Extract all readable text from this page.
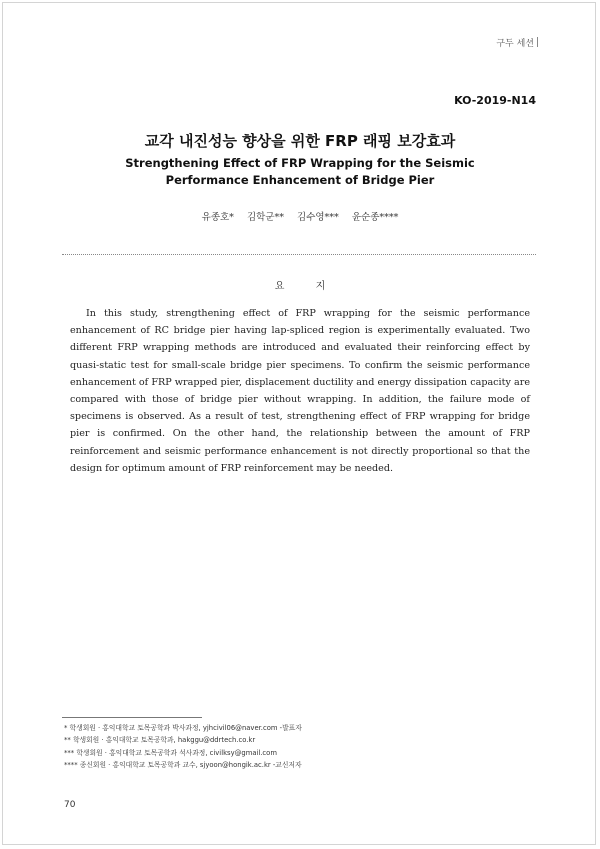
구두 세션
KO-2019-N14
교각 내진성능 향상을 위한 FRP 래핑 보강효과
Strengthening Effect of FRP Wrapping for the Seismic
Performance Enhancement of Bridge Pier
유종호* 김학군** 김수영*** 윤순종****
요 지

In this study, strengthening effect of FRP wrapping for the seismic performance enhancement of RC bridge pier having lap-spliced region is experimentally evaluated. Two different FRP wrapping methods are introduced and evaluated their reinforcing effect by quasi-static test for small-scale bridge pier specimens. To confirm the seismic performance enhancement of FRP wrapped pier, displacement ductility and energy dissipation capacity are compared with those of bridge pier without wrapping. In addition, the failure mode of specimens is observed. As a result of test, strengthening effect of FRP wrapping for bridge pier is confirmed. On the other hand, the relationship between the amount of FRP reinforcement and seismic performance enhancement is not directly proportional so that the design for optimum amount of FRP reinforcement may be needed.

* 학생회원 · 홍익대학교 토목공학과 박사과정, yjhcivil06@naver.com -발표자
** 학생회원 · 홍익대학교 토목공학과, hakggu@ddrtech.co.kr
*** 학생회원 · 홍익대학교 토목공학과 석사과정, civilksy@gmail.com
**** 종신회원 · 홍익대학교 토목공학과 교수, sjyoon@hongik.ac.kr -교신저자
70
